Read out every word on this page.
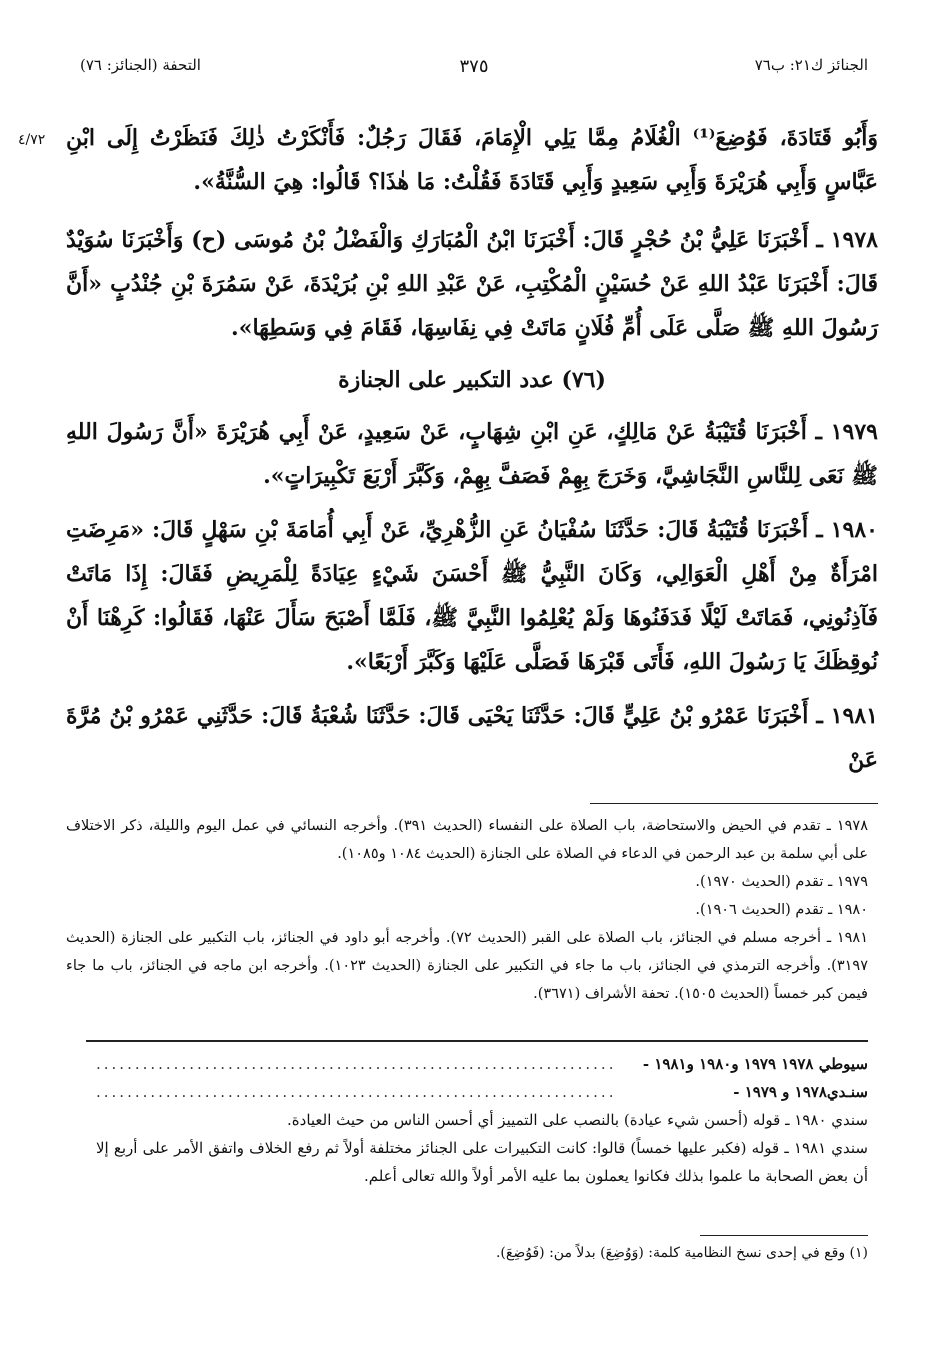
الجنائز ك٢١: ب٧٦
٣٧٥
التحفة (الجنائز: ٧٦)
٤/٧٢ وَأَبُو قَتَادَةَ، فَوُضِعَ⁽¹⁾ الْغُلَامُ مِمَّا يَلِي الْإِمَامَ، فَقَالَ رَجُلٌ: فَأَنْكَرْتُ ذٰلِكَ فَنَظَرْتُ إِلَى ابْنِ عَبَّاسٍ وَأَبِي هُرَيْرَةَ وَأَبِي سَعِيدٍ وَأَبِي قَتَادَةَ فَقُلْتُ: مَا هٰذَا؟ قَالُوا: هِيَ السُّنَّةُ».

١٩٧٨ ـ أَخْبَرَنَا عَلِيُّ بْنُ حُجْرٍ قَالَ: أَخْبَرَنَا ابْنُ الْمُبَارَكِ وَالْفَضْلُ بْنُ مُوسَى (ح) وَأَخْبَرَنَا سُوَيْدٌ قَالَ: أَخْبَرَنَا عَبْدُ اللهِ عَنْ حُسَيْنٍ الْمُكْتِبِ، عَنْ عَبْدِ اللهِ بْنِ بُرَيْدَةَ، عَنْ سَمُرَةَ بْنِ جُنْدُبٍ «أَنَّ رَسُولَ اللهِ ﷺ صَلَّى عَلَى أُمِّ فُلَانٍ مَاتَتْ فِي نِفَاسِهَا، فَقَامَ فِي وَسَطِهَا».

(٧٦) عدد التكبير على الجنازة

١٩٧٩ ـ أَخْبَرَنَا قُتَيْبَةُ عَنْ مَالِكٍ، عَنِ ابْنِ شِهَابٍ، عَنْ سَعِيدٍ، عَنْ أَبِي هُرَيْرَةَ «أَنَّ رَسُولَ اللهِ ﷺ نَعَى لِلنَّاسِ النَّجَاشِيَّ، وَخَرَجَ بِهِمْ فَصَفَّ بِهِمْ، وَكَبَّرَ أَرْبَعَ تَكْبِيرَاتٍ».

١٩٨٠ ـ أَخْبَرَنَا قُتَيْبَةُ قَالَ: حَدَّثَنَا سُفْيَانُ عَنِ الزُّهْرِيِّ، عَنْ أَبِي أُمَامَةَ بْنِ سَهْلٍ قَالَ: «مَرِضَتِ امْرَأَةٌ مِنْ أَهْلِ الْعَوَالِي، وَكَانَ النَّبِيُّ ﷺ أَحْسَنَ شَيْءٍ عِيَادَةً لِلْمَرِيضِ فَقَالَ: إِذَا مَاتَتْ فَآذِنُونِي، فَمَاتَتْ لَيْلًا فَدَفَنُوهَا وَلَمْ يُعْلِمُوا النَّبِيَّ ﷺ، فَلَمَّا أَصْبَحَ سَأَلَ عَنْهَا، فَقَالُوا: كَرِهْنَا أَنْ نُوقِظَكَ يَا رَسُولَ اللهِ، فَأَتَى قَبْرَهَا فَصَلَّى عَلَيْهَا وَكَبَّرَ أَرْبَعًا».

١٩٨١ ـ أَخْبَرَنَا عَمْرُو بْنُ عَلِيٍّ قَالَ: حَدَّثَنَا يَحْيَى قَالَ: حَدَّثَنَا شُعْبَةُ قَالَ: حَدَّثَنِي عَمْرُو بْنُ مُرَّةَ عَنْ

١٩٧٨ ـ تقدم في الحيض والاستحاضة، باب الصلاة على النفساء (الحديث ٣٩١). وأخرجه النسائي في عمل اليوم والليلة، ذكر الاختلاف على أبي سلمة بن عبد الرحمن في الدعاء في الصلاة على الجنازة (الحديث ١٠٨٤ و١٠٨٥).

١٩٧٩ ـ تقدم (الحديث ١٩٧٠).

١٩٨٠ ـ تقدم (الحديث ١٩٠٦).

١٩٨١ ـ أخرجه مسلم في الجنائز، باب الصلاة على القبر (الحديث ٧٢). وأخرجه أبو داود في الجنائز، باب التكبير على الجنازة (الحديث ٣١٩٧). وأخرجه الترمذي في الجنائز، باب ما جاء في التكبير على الجنازة (الحديث ١٠٢٣). وأخرجه ابن ماجه في الجنائز، باب ما جاء فيمن كبر خمساً (الحديث ١٥٠٥). تحفة الأشراف (٣٦٧١).

سيوطي ١٩٧٨ ١٩٧٩ و١٩٨٠ و١٩٨١ -
...................................................................
سنـدي١٩٧٨ و ١٩٧٩ -
...................................................................

سندي ١٩٨٠ ـ قوله (أحسن شيء عيادة) بالنصب على التمييز أي أحسن الناس من حيث العيادة.

سندي ١٩٨١ ـ قوله (فكبر عليها خمساً) قالوا: كانت التكبيرات على الجنائز مختلفة أولاً ثم رفع الخلاف واتفق الأمر على أربع إلا أن بعض الصحابة ما علموا بذلك فكانوا يعملون بما عليه الأمر أولاً والله تعالى أعلم.

(١) وقع في إحدى نسخ النظامية كلمة: (وَوُضِعَ) بدلاً من: (فَوُضِعَ).
